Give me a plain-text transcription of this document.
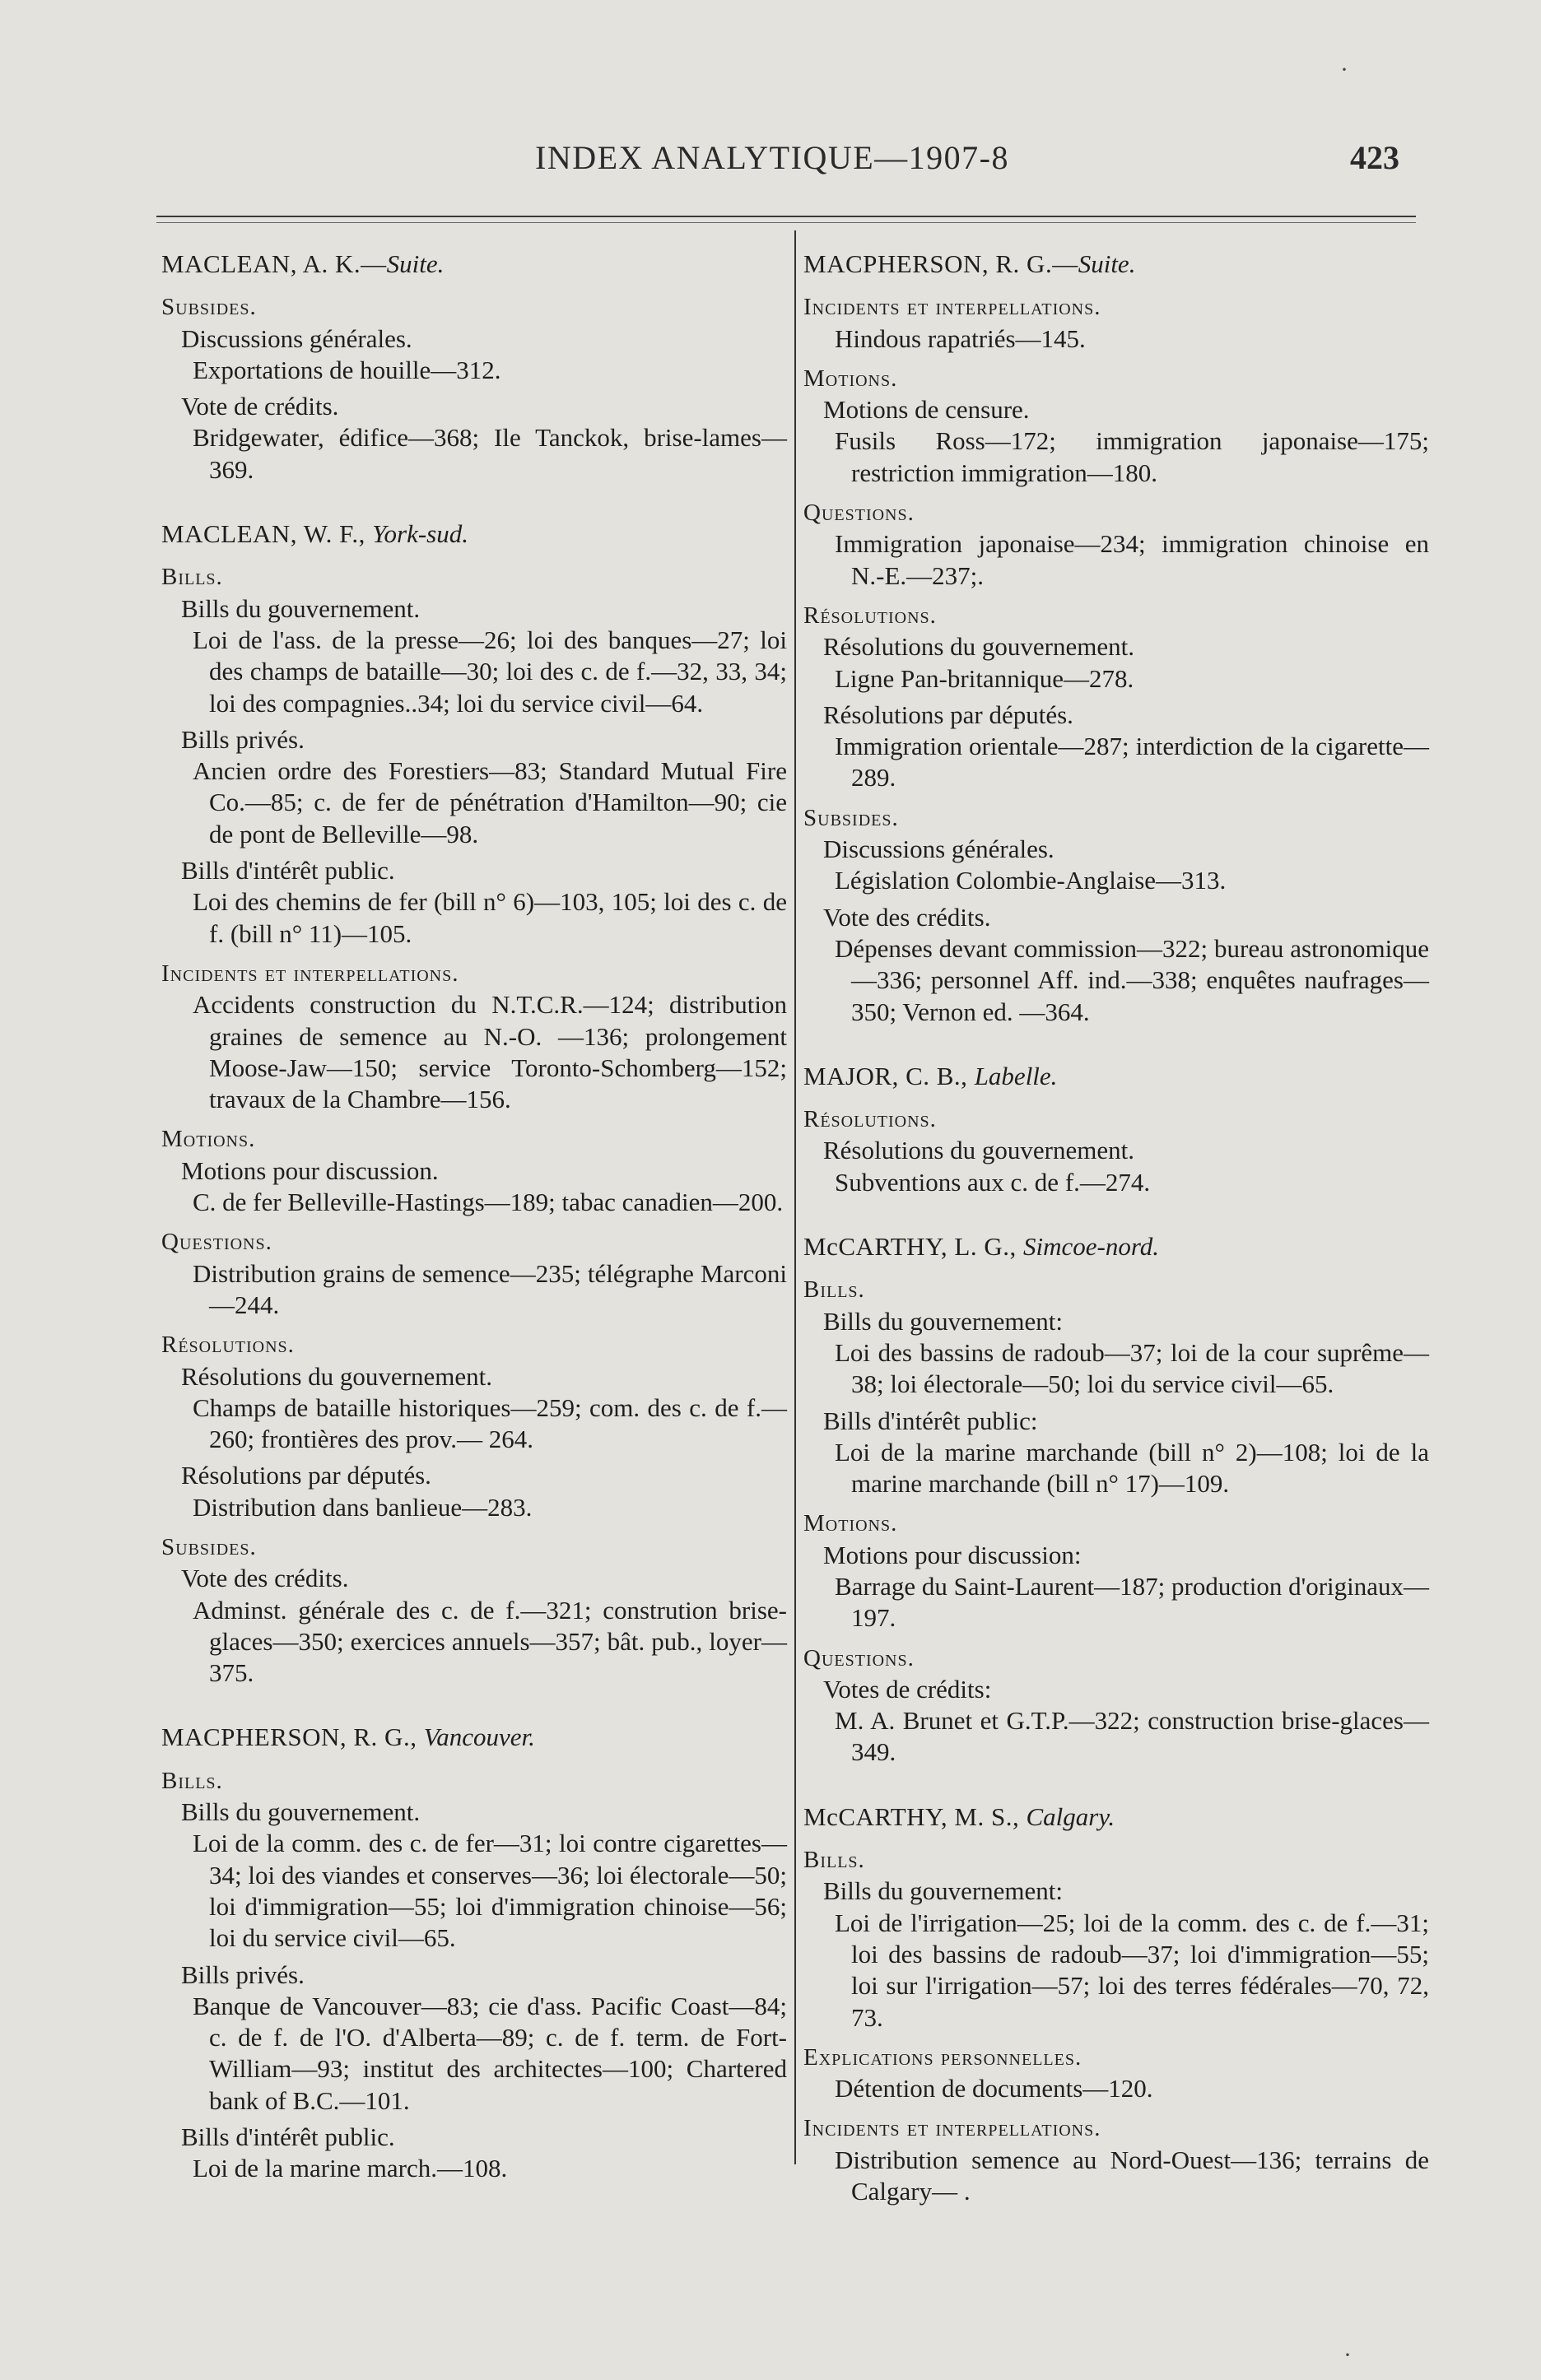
INDEX ANALYTIQUE—1907-8	423
MACLEAN, A. K.—Suite.
Subsides.
Discussions générales.
Exportations de houille—312.
Vote de crédits.
Bridgewater, édifice—368; Ile Tanckok, brise-lames—369.
MACLEAN, W. F., York-sud.
Bills.
Bills du gouvernement.
Loi de l'ass. de la presse—26; loi des banques—27; loi des champs de bataille—30; loi des c. de f.—32, 33, 34; loi des compagnies..34; loi du service civil—64.
Bills privés.
Ancien ordre des Forestiers—83; Standard Mutual Fire Co.—85; c. de fer de pénétration d'Hamilton—90; cie de pont de Belleville—98.
Bills d'intérêt public.
Loi des chemins de fer (bill n° 6)—103, 105; loi des c. de f. (bill n° 11)—105.
Incidents et interpellations.
Accidents construction du N.T.C.R.—124; distribution graines de semence au N.-O. —136; prolongement Moose-Jaw—150; service Toronto-Schomberg—152; travaux de la Chambre—156.
Motions.
Motions pour discussion.
C. de fer Belleville-Hastings—189; tabac canadien—200.
Questions.
Distribution grains de semence—235; télégraphe Marconi—244.
Résolutions.
Résolutions du gouvernement.
Champs de bataille historiques—259; com. des c. de f.—260; frontières des prov.— 264.
Résolutions par députés.
Distribution dans banlieue—283.
Subsides.
Vote des crédits.
Adminst. générale des c. de f.—321; constrution brise-glaces—350; exercices annuels—357; bât. pub., loyer—375.
MACPHERSON, R. G., Vancouver.
Bills.
Bills du gouvernement.
Loi de la comm. des c. de fer—31; loi contre cigarettes—34; loi des viandes et conserves—36; loi électorale—50; loi d'immigration—55; loi d'immigration chinoise—56; loi du service civil—65.
Bills privés.
Banque de Vancouver—83; cie d'ass. Pacific Coast—84; c. de f. de l'O. d'Alberta—89; c. de f. term. de Fort-William—93; institut des architectes—100; Chartered bank of B.C.—101.
Bills d'intérêt public.
Loi de la marine march.—108.
MACPHERSON, R. G.—Suite.
Incidents et interpellations.
Hindous rapatriés—145.
Motions.
Motions de censure.
Fusils Ross—172; immigration japonaise—175; restriction immigration—180.
Questions.
Immigration japonaise—234; immigration chinoise en N.-E.—237;.
Résolutions.
Résolutions du gouvernement.
Ligne Pan-britannique—278.
Résolutions par députés.
Immigration orientale—287; interdiction de la cigarette—289.
Subsides.
Discussions générales.
Législation Colombie-Anglaise—313.
Vote des crédits.
Dépenses devant commission—322; bureau astronomique—336; personnel Aff. ind.—338; enquêtes naufrages—350; Vernon ed. —364.
MAJOR, C. B., Labelle.
Résolutions.
Résolutions du gouvernement.
Subventions aux c. de f.—274.
McCARTHY, L. G., Simcoe-nord.
Bills.
Bills du gouvernement:
Loi des bassins de radoub—37; loi de la cour suprême—38; loi électorale—50; loi du service civil—65.
Bills d'intérêt public:
Loi de la marine marchande (bill n° 2)—108; loi de la marine marchande (bill n° 17)—109.
Motions.
Motions pour discussion:
Barrage du Saint-Laurent—187; production d'originaux—197.
Questions.
Votes de crédits:
M. A. Brunet et G.T.P.—322; construction brise-glaces—349.
McCARTHY, M. S., Calgary.
Bills.
Bills du gouvernement:
Loi de l'irrigation—25; loi de la comm. des c. de f.—31; loi des bassins de radoub—37; loi d'immigration—55; loi sur l'irrigation—57; loi des terres fédérales—70, 72, 73.
Explications personnelles.
Détention de documents—120.
Incidents et interpellations.
Distribution semence au Nord-Ouest—136; terrains de Calgary— .
·
·
